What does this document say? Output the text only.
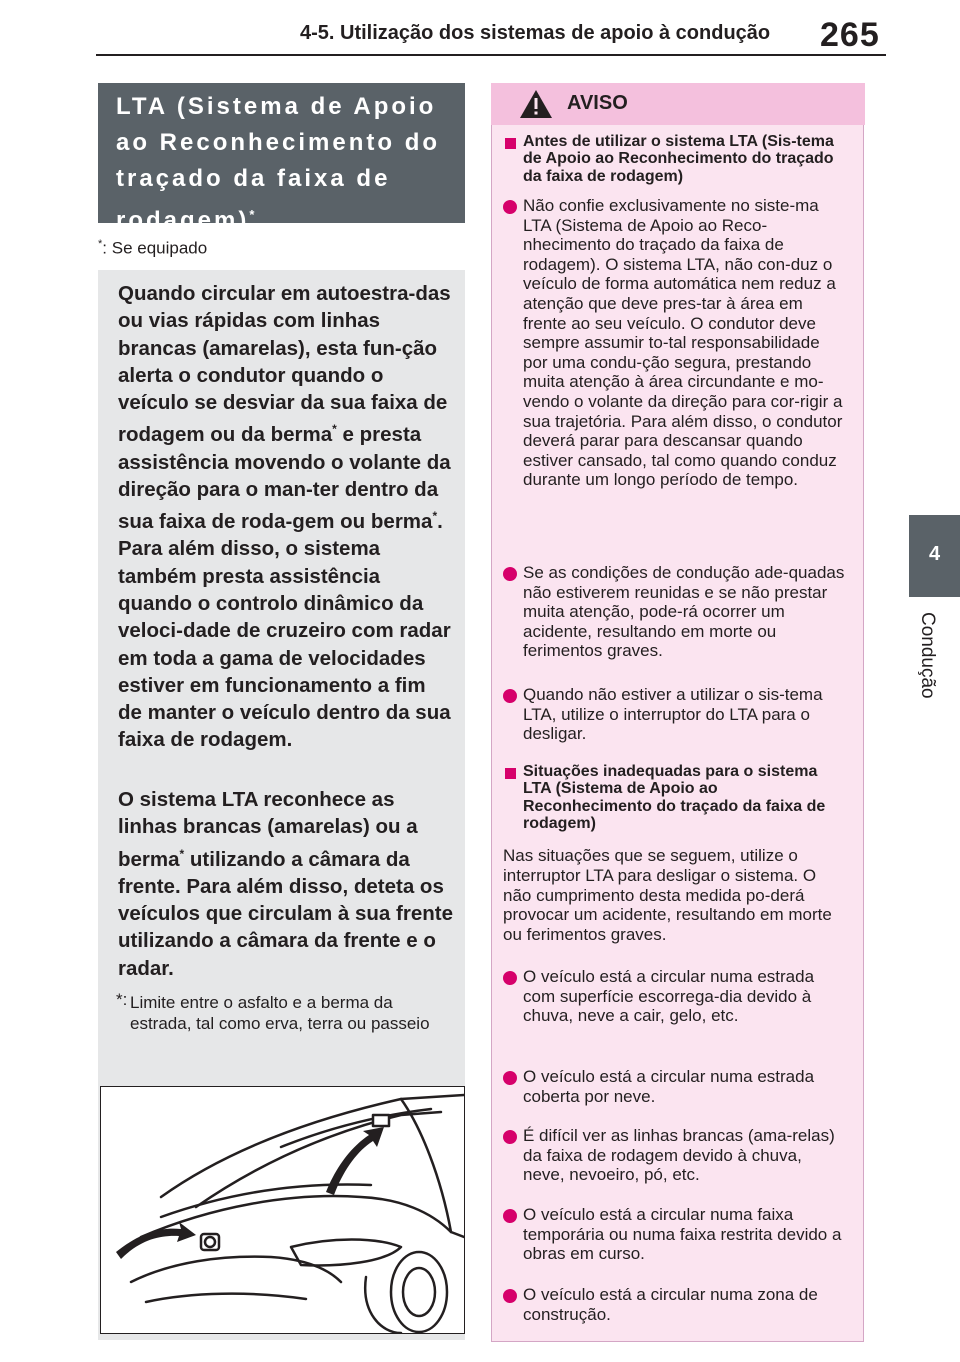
4-5. Utilização dos sistemas de apoio à condução 265
4
Condução
LTA (Sistema de Apoio ao Reconhecimento do traçado da faixa de rodagem)*
*: Se equipado
Quando circular em autoestra-das ou vias rápidas com linhas brancas (amarelas), esta fun-ção alerta o condutor quando o veículo se desviar da sua faixa de rodagem ou da berma* e presta assistência movendo o volante da direção para o man-ter dentro da sua faixa de roda-gem ou berma*. Para além disso, o sistema também presta assistência quando o controlo dinâmico da veloci-dade de cruzeiro com radar em toda a gama de velocidades estiver em funcionamento a fim de manter o veículo dentro da sua faixa de rodagem.
O sistema LTA reconhece as linhas brancas (amarelas) ou a berma* utilizando a câmara da frente. Para além disso, deteta os veículos que circulam à sua frente utilizando a câmara da frente e o radar.
*: Limite entre o asfalto e a berma da estrada, tal como erva, terra ou passeio
AVISO
Antes de utilizar o sistema LTA (Sis-tema de Apoio ao Reconhecimento do traçado da faixa de rodagem)
Não confie exclusivamente no siste-ma LTA (Sistema de Apoio ao Reco-nhecimento do traçado da faixa de rodagem). O sistema LTA, não con-duz o veículo de forma automática nem reduz a atenção que deve pres-tar à área em frente ao seu veículo. O condutor deve sempre assumir to-tal responsabilidade por uma condu-ção segura, prestando muita atenção à área circundante e mo-vendo o volante da direção para cor-rigir a sua trajetória. Para além disso, o condutor deverá parar para descansar quando estiver cansado, tal como quando conduz durante um longo período de tempo.
Se as condições de condução ade-quadas não estiverem reunidas e se não prestar muita atenção, pode-rá ocorrer um acidente, resultando em morte ou ferimentos graves.
Quando não estiver a utilizar o sis-tema LTA, utilize o interruptor do LTA para o desligar.
Situações inadequadas para o sistema LTA (Sistema de Apoio ao Reconhecimento do traçado da faixa de rodagem)
Nas situações que se seguem, utilize o interruptor LTA para desligar o sistema. O não cumprimento desta medida po-derá provocar um acidente, resultando em morte ou ferimentos graves.
O veículo está a circular numa estrada com superfície escorrega-dia devido à chuva, neve a cair, gelo, etc.
O veículo está a circular numa estrada coberta por neve.
É difícil ver as linhas brancas (ama-relas) da faixa de rodagem devido à chuva, neve, nevoeiro, pó, etc.
O veículo está a circular numa faixa temporária ou numa faixa restrita devido a obras em curso.
O veículo está a circular numa zona de construção.
